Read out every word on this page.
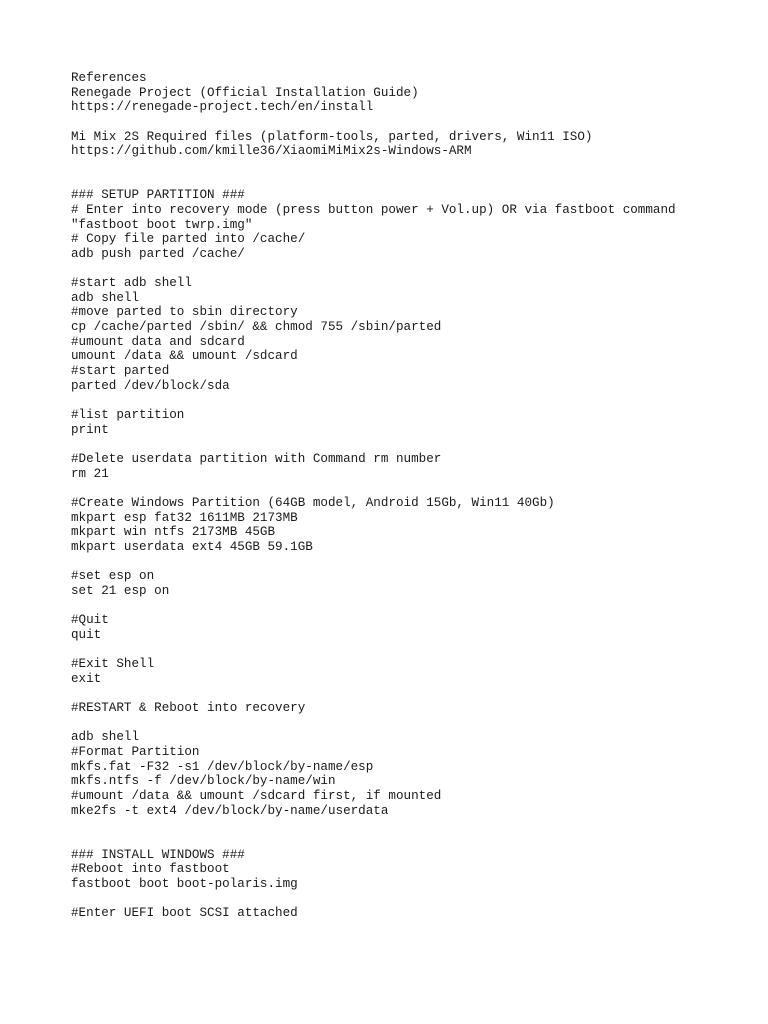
References
Renegade Project (Official Installation Guide)
https://renegade-project.tech/en/install
Mi Mix 2S Required files (platform-tools, parted, drivers, Win11 ISO)
https://github.com/kmille36/XiaomiMiMix2s-Windows-ARM
### SETUP PARTITION ###
# Enter into recovery mode (press button power + Vol.up) OR via fastboot command
"fastboot boot twrp.img"
# Copy file parted into /cache/
adb push parted /cache/
#start adb shell
adb shell
#move parted to sbin directory
cp /cache/parted /sbin/ && chmod 755 /sbin/parted
#umount data and sdcard
umount /data && umount /sdcard
#start parted
parted /dev/block/sda
#list partition
print
#Delete userdata partition with Command rm number
rm 21
#Create Windows Partition (64GB model, Android 15Gb, Win11 40Gb)
mkpart esp fat32 1611MB 2173MB
mkpart win ntfs 2173MB 45GB
mkpart userdata ext4 45GB 59.1GB
#set esp on
set 21 esp on
#Quit
quit
#Exit Shell
exit
#RESTART & Reboot into recovery
adb shell
#Format Partition
mkfs.fat -F32 -s1 /dev/block/by-name/esp
mkfs.ntfs -f /dev/block/by-name/win
#umount /data && umount /sdcard first, if mounted
mke2fs -t ext4 /dev/block/by-name/userdata
### INSTALL WINDOWS ###
#Reboot into fastboot
fastboot boot boot-polaris.img
#Enter UEFI boot SCSI attached
